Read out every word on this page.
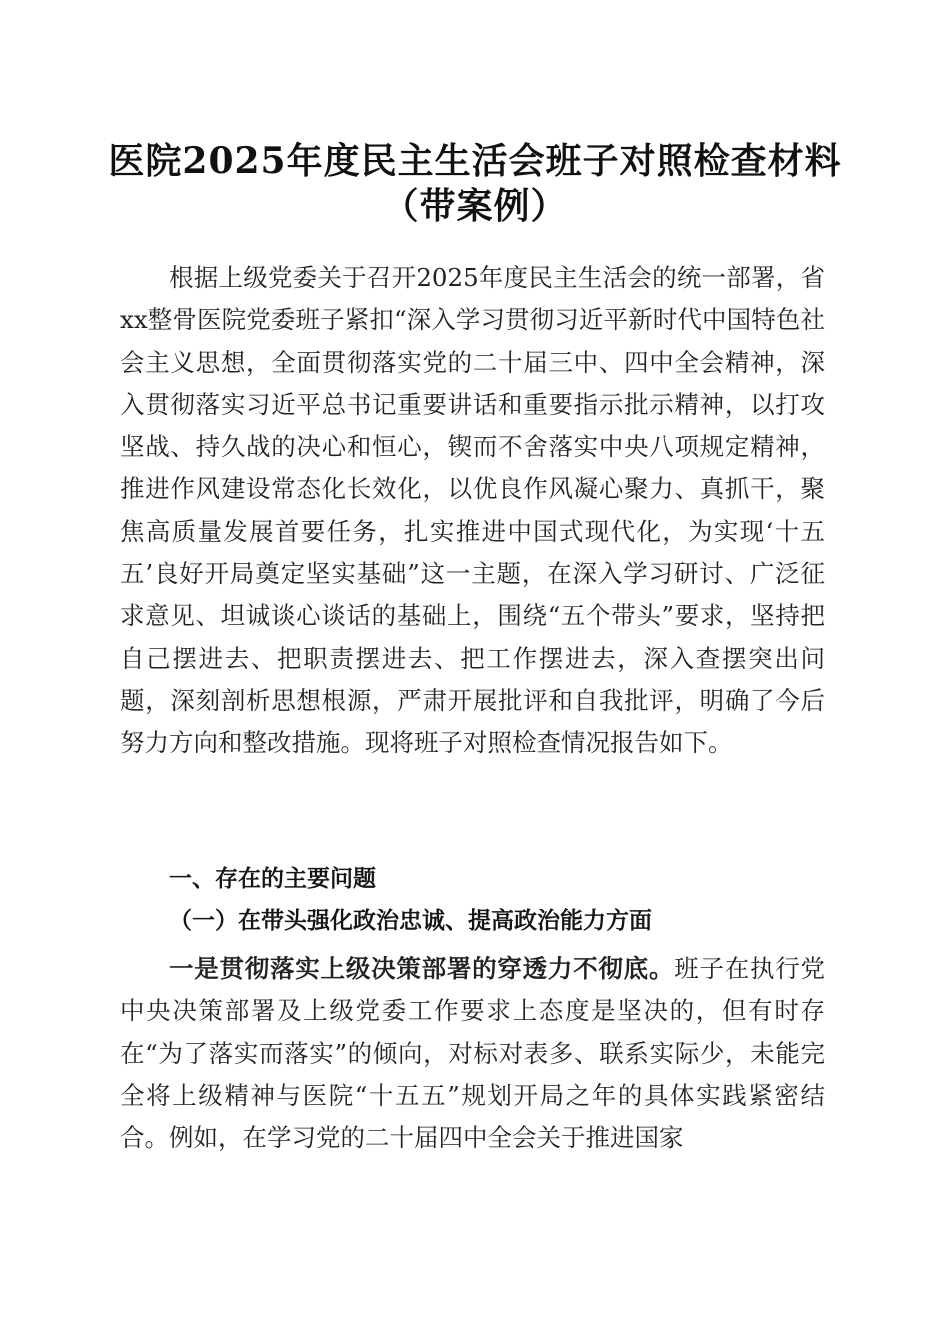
医院2025年度民主生活会班子对照检查材料
（带案例）

根据上级党委关于召开2025年度民主生活会的统一部署，省xx整骨医院党委班子紧扣“深入学习贯彻习近平新时代中国特色社会主义思想，全面贯彻落实党的二十届三中、四中全会精神，深入贯彻落实习近平总书记重要讲话和重要指示批示精神，以打攻坚战、持久战的决心和恒心，锲而不舍落实中央八项规定精神，推进作风建设常态化长效化，以优良作风凝心聚力、真抓干，聚焦高质量发展首要任务，扎实推进中国式现代化，为实现‘十五五’良好开局奠定坚实基础”这一主题，在深入学习研讨、广泛征求意见、坦诚谈心谈话的基础上，围绕“五个带头”要求，坚持把自己摆进去、把职责摆进去、把工作摆进去，深入查摆突出问题，深刻剖析思想根源，严肃开展批评和自我批评，明确了今后努力方向和整改措施。现将班子对照检查情况报告如下。

一、存在的主要问题

（一）在带头强化政治忠诚、提高政治能力方面

一是贯彻落实上级决策部署的穿透力不彻底。班子在执行党中央决策部署及上级党委工作要求上态度是坚决的，但有时存在“为了落实而落实”的倾向，对标对表多、联系实际少，未能完全将上级精神与医院“十五五”规划开局之年的具体实践紧密结合。例如，在学习党的二十届四中全会关于推进国家
